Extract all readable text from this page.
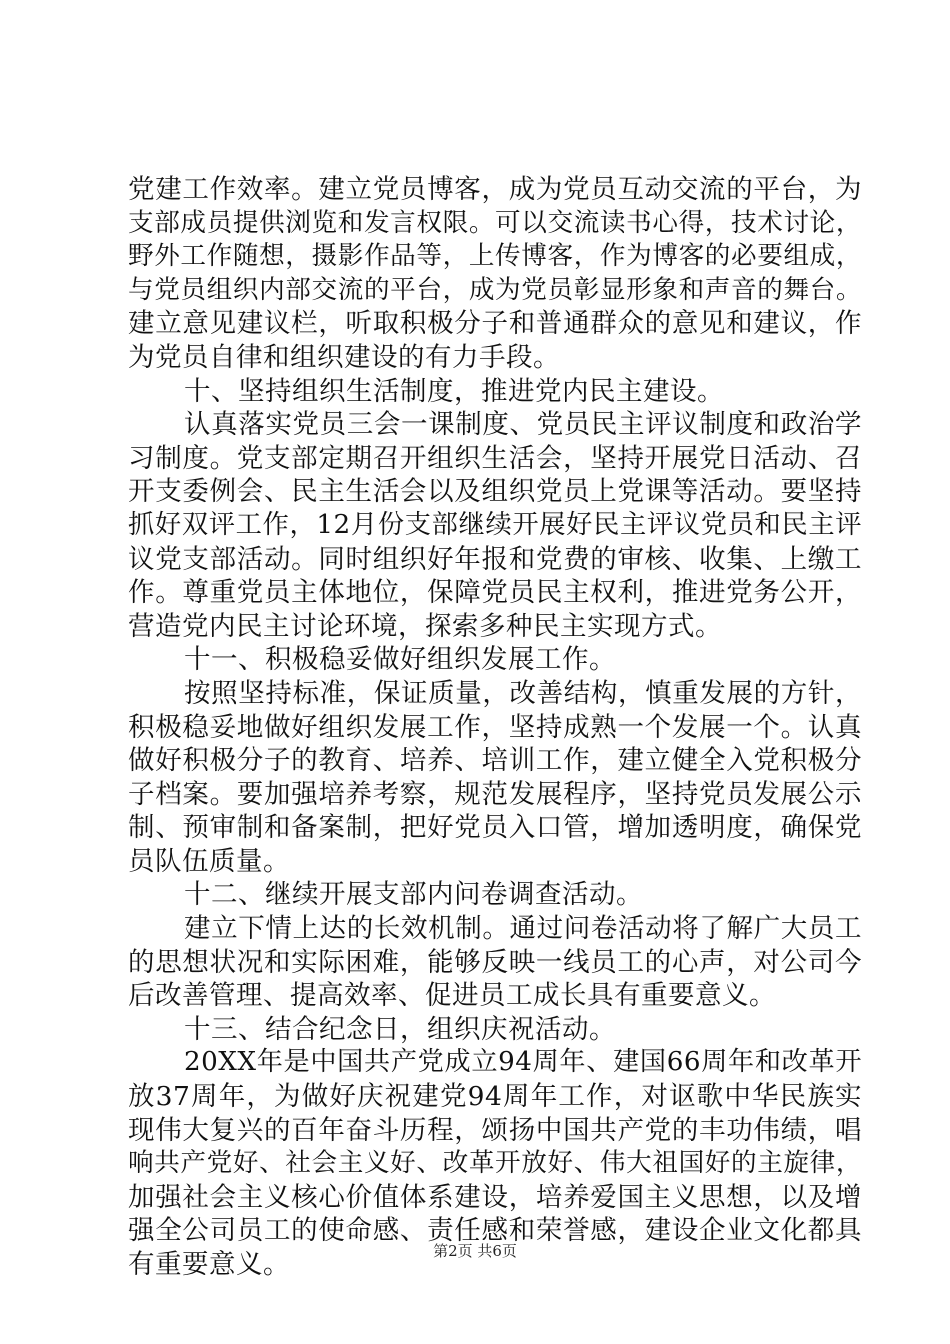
党建工作效率。建立党员博客，成为党员互动交流的平台，为
支部成员提供浏览和发言权限。可以交流读书心得，技术讨论，
野外工作随想，摄影作品等，上传博客，作为博客的必要组成，
与党员组织内部交流的平台，成为党员彰显形象和声音的舞台。
建立意见建议栏，听取积极分子和普通群众的意见和建议，作
为党员自律和组织建设的有力手段。
十、坚持组织生活制度，推进党内民主建设。
认真落实党员三会一课制度、党员民主评议制度和政治学
习制度。党支部定期召开组织生活会，坚持开展党日活动、召
开支委例会、民主生活会以及组织党员上党课等活动。要坚持
抓好双评工作，12月份支部继续开展好民主评议党员和民主评
议党支部活动。同时组织好年报和党费的审核、收集、上缴工
作。尊重党员主体地位，保障党员民主权利，推进党务公开，
营造党内民主讨论环境，探索多种民主实现方式。
十一、积极稳妥做好组织发展工作。
按照坚持标准，保证质量，改善结构，慎重发展的方针，
积极稳妥地做好组织发展工作，坚持成熟一个发展一个。认真
做好积极分子的教育、培养、培训工作，建立健全入党积极分
子档案。要加强培养考察，规范发展程序，坚持党员发展公示
制、预审制和备案制，把好党员入口管，增加透明度，确保党
员队伍质量。
十二、继续开展支部内问卷调查活动。
建立下情上达的长效机制。通过问卷活动将了解广大员工
的思想状况和实际困难，能够反映一线员工的心声，对公司今
后改善管理、提高效率、促进员工成长具有重要意义。
十三、结合纪念日，组织庆祝活动。
20XX年是中国共产党成立94周年、建国66周年和改革开
放37周年，为做好庆祝建党94周年工作，对讴歌中华民族实
现伟大复兴的百年奋斗历程，颂扬中国共产党的丰功伟绩，唱
响共产党好、社会主义好、改革开放好、伟大祖国好的主旋律，
加强社会主义核心价值体系建设，培养爱国主义思想，以及增
强全公司员工的使命感、责任感和荣誉感，建设企业文化都具
有重要意义。	第2页 共6页
